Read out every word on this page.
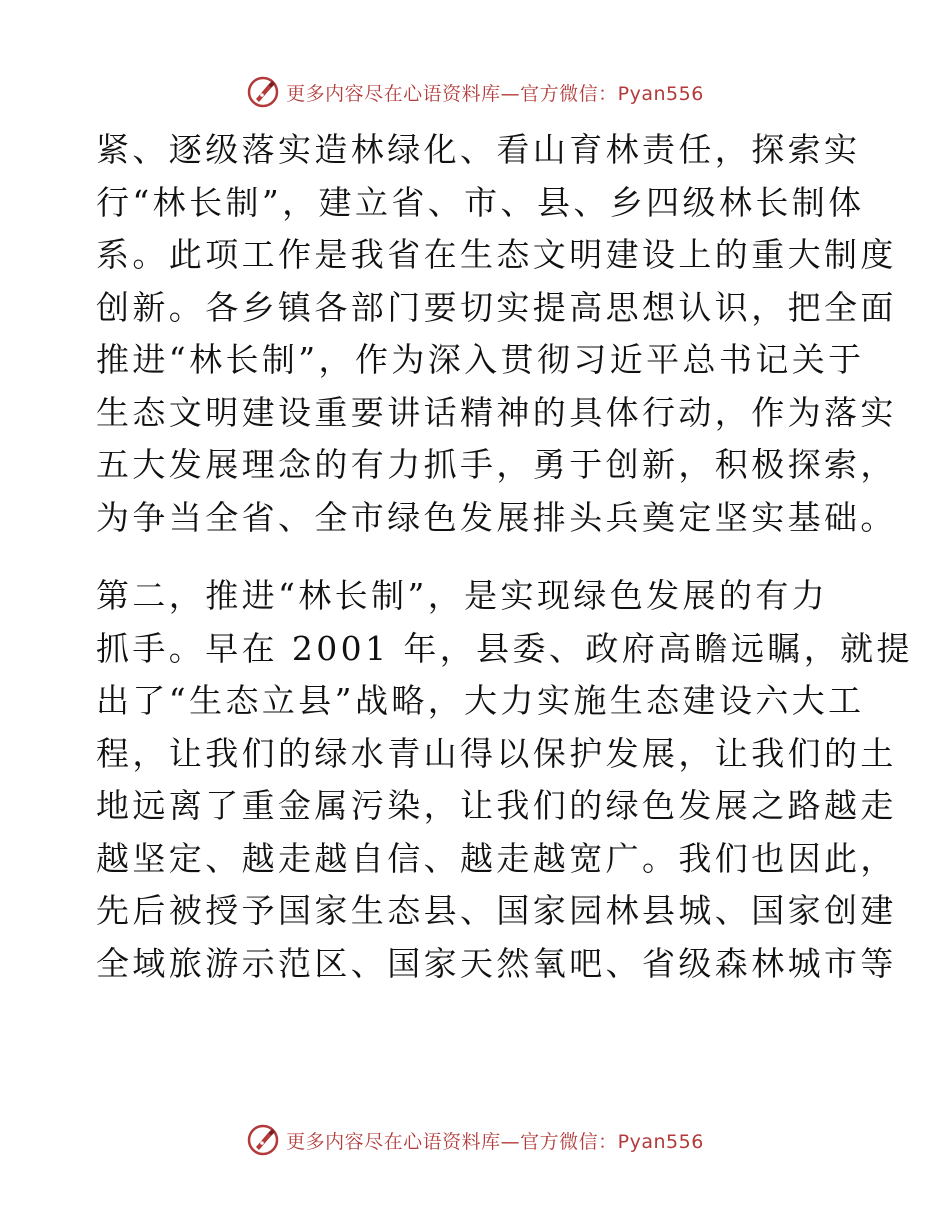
更多内容尽在心语资料库—官方微信：Pyan556
紧、逐级落实造林绿化、看山育林责任，探索实
行“林长制”，建立省、市、县、乡四级林长制体
系。此项工作是我省在生态文明建设上的重大制度
创新。各乡镇各部门要切实提高思想认识，把全面
推进“林长制”，作为深入贯彻习近平总书记关于
生态文明建设重要讲话精神的具体行动，作为落实
五大发展理念的有力抓手，勇于创新，积极探索，
为争当全省、全市绿色发展排头兵奠定坚实基础。
第二，推进“林长制”，是实现绿色发展的有力
抓手。早在 2001 年，县委、政府高瞻远瞩，就提
出了“生态立县”战略，大力实施生态建设六大工
程，让我们的绿水青山得以保护发展，让我们的土
地远离了重金属污染，让我们的绿色发展之路越走
越坚定、越走越自信、越走越宽广。我们也因此，
先后被授予国家生态县、国家园林县城、国家创建
全域旅游示范区、国家天然氧吧、省级森林城市等
更多内容尽在心语资料库—官方微信：Pyan556
